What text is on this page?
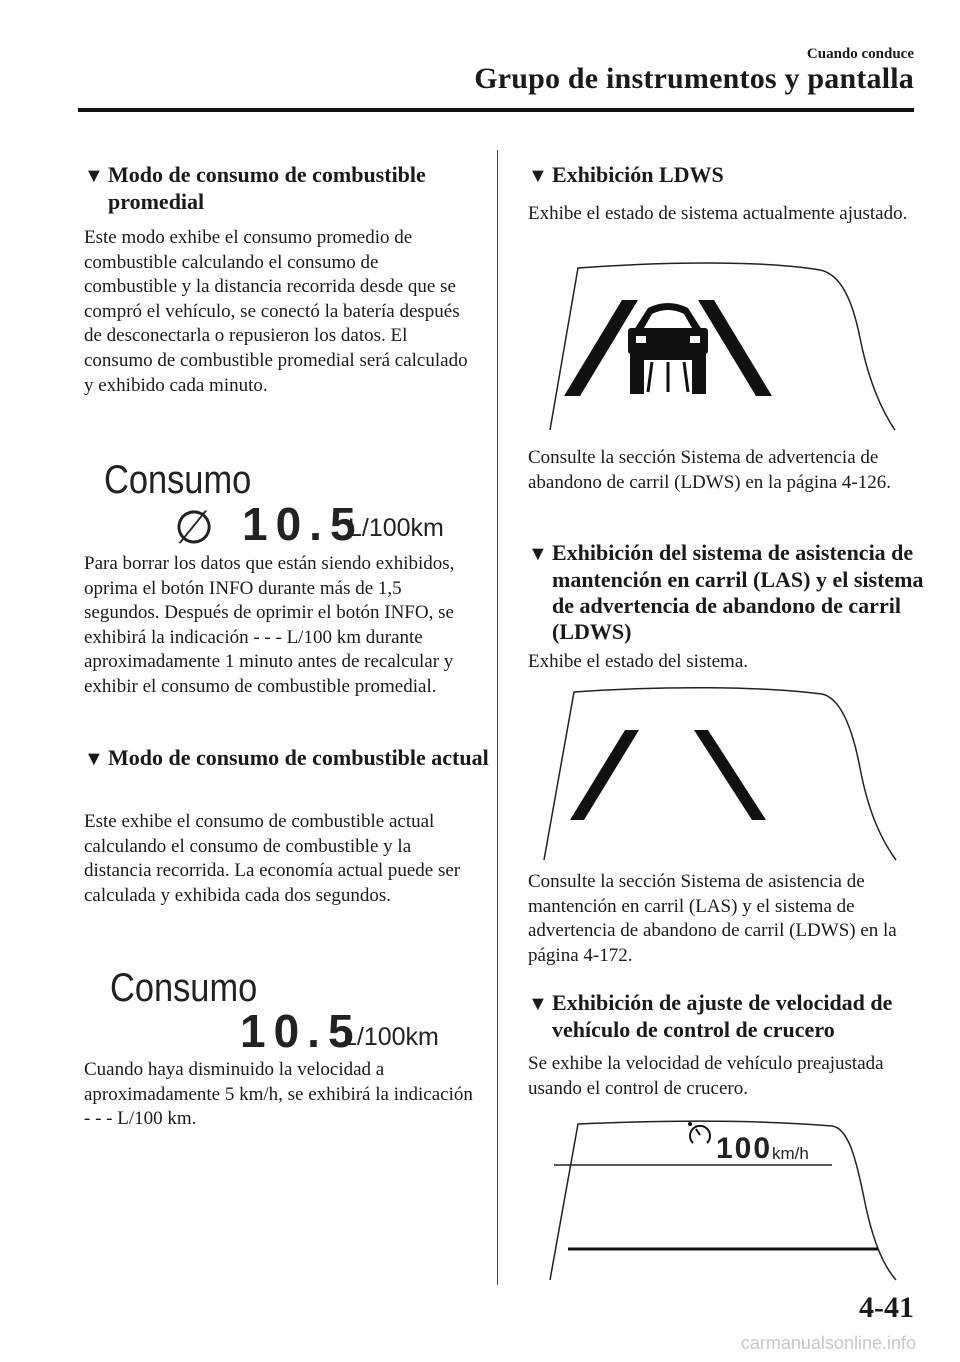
Cuando conduce
Grupo de instrumentos y pantalla
▼ Modo de consumo de combustible promedial
Este modo exhibe el consumo promedio de combustible calculando el consumo de combustible y la distancia recorrida desde que se compró el vehículo, se conectó la batería después de desconectarla o repusieron los datos. El consumo de combustible promedial será calculado y exhibido cada minuto.
Consumo
∅ 10.5
L/100km
Para borrar los datos que están siendo exhibidos, oprima el botón INFO durante más de 1,5 segundos. Después de oprimir el botón INFO, se exhibirá la indicación - - - L/100 km durante aproximadamente 1 minuto antes de recalcular y exhibir el consumo de combustible promedial.
▼ Modo de consumo de combustible actual
Este exhibe el consumo de combustible actual calculando el consumo de combustible y la distancia recorrida. La economía actual puede ser calculada y exhibida cada dos segundos.
Consumo
10.5
L/100km
Cuando haya disminuido la velocidad a aproximadamente 5 km/h, se exhibirá la indicación - - - L/100 km.
▼ Exhibición LDWS
Exhibe el estado de sistema actualmente ajustado.
Consulte la sección Sistema de advertencia de abandono de carril (LDWS) en la página 4-126.
▼ Exhibición del sistema de asistencia de mantención en carril (LAS) y el sistema de advertencia de abandono de carril (LDWS)
Exhibe el estado del sistema.
Consulte la sección Sistema de asistencia de mantención en carril (LAS) y el sistema de advertencia de abandono de carril (LDWS) en la página 4-172.
▼ Exhibición de ajuste de velocidad de vehículo de control de crucero
Se exhibe la velocidad de vehículo preajustada usando el control de crucero.
100 km/h
4-41
carmanualsonline.info
